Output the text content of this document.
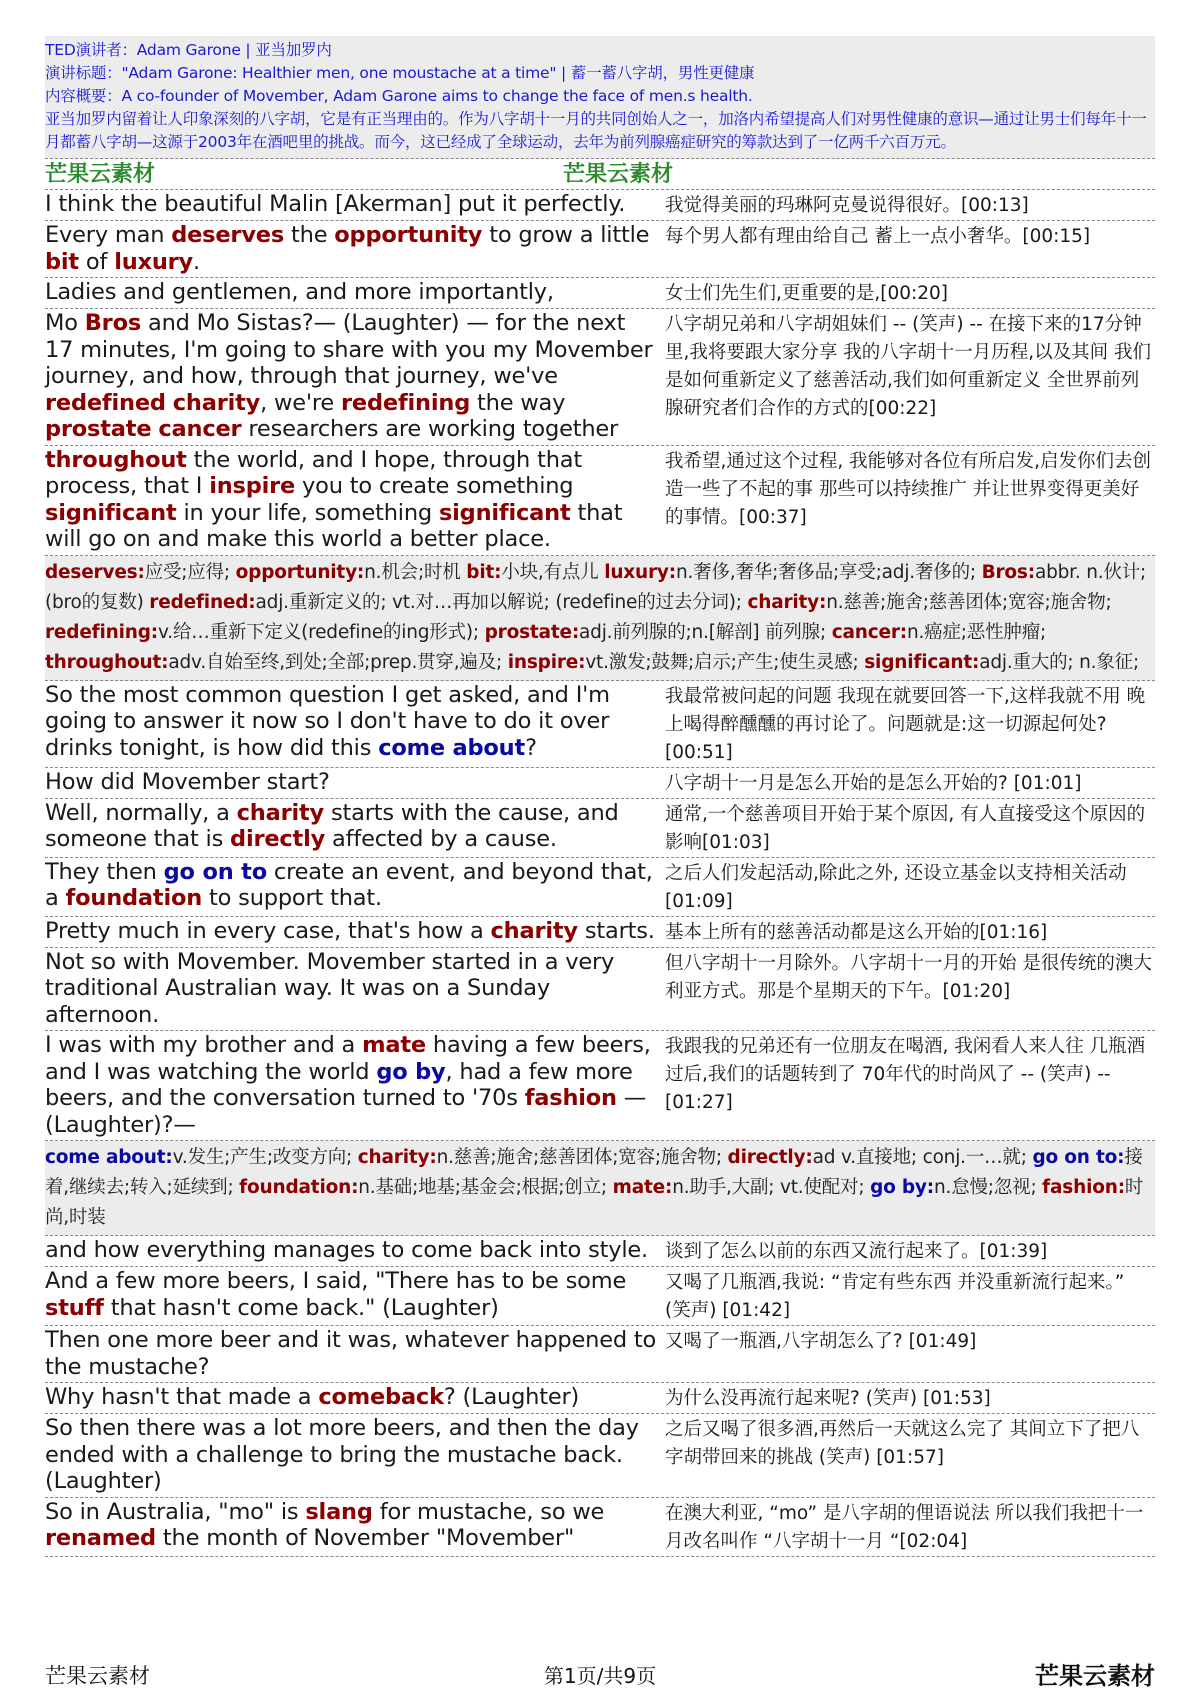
TED演讲者：Adam Garone | 亚当加罗内
演讲标题："Adam Garone: Healthier men, one moustache at a time" | 蓄一蓄八字胡，男性更健康
内容概要：A co-founder of Movember, Adam Garone aims to change the face of men.s health.
亚当加罗内留着让人印象深刻的八字胡，它是有正当理由的。作为八字胡十一月的共同创始人之一，加洛内希望提高人们对男性健康的意识—通过让男士们每年十一月都蓄八字胡—这源于2003年在酒吧里的挑战。而今，这已经成了全球运动，去年为前列腺癌症研究的筹款达到了一亿两千六百万元。
芒果云素材	芒果云素材
I think the beautiful Malin [Akerman] put it perfectly.	我觉得美丽的玛琳阿克曼说得很好。[00:13]
Every man deserves the opportunity to grow a little bit of luxury.
每个男人都有理由给自己 蓄上一点小奢华。[00:15]
Ladies and gentlemen, and more importantly,	女士们先生们,更重要的是,[00:20]
Mo Bros and Mo Sistas?— (Laughter) — for the next 17 minutes, I'm going to share with you my Movember journey, and how, through that journey, we've redefined charity, we're redefining the way prostate cancer researchers are working together
八字胡兄弟和八字胡姐妹们 -- (笑声) -- 在接下来的17分钟里,我将要跟大家分享 我的八字胡十一月历程,以及其间 我们是如何重新定义了慈善活动,我们如何重新定义 全世界前列腺研究者们合作的方式的[00:22]
throughout the world, and I hope, through that process, that I inspire you to create something significant in your life, something significant that will go on and make this world a better place.
我希望,通过这个过程, 我能够对各位有所启发,启发你们去创造一些了不起的事 那些可以持续推广 并让世界变得更美好的事情。[00:37]
deserves:应受;应得; opportunity:n.机会;时机 bit:小块,有点儿 luxury:n.奢侈,奢华;奢侈品;享受;adj.奢侈的; Bros:abbr. n.伙计; (bro的复数) redefined:adj.重新定义的; vt.对…再加以解说; (redefine的过去分词); charity:n.慈善;施舍;慈善团体;宽容;施舍物; redefining:v.给…重新下定义(redefine的ing形式); prostate:adj.前列腺的;n.[解剖] 前列腺; cancer:n.癌症;恶性肿瘤; throughout:adv.自始至终,到处;全部;prep.贯穿,遍及; inspire:vt.激发;鼓舞;启示;产生;使生灵感; significant:adj.重大的; n.象征;
So the most common question I get asked, and I'm going to answer it now so I don't have to do it over drinks tonight, is how did this come about?
我最常被问起的问题 我现在就要回答一下,这样我就不用 晚上喝得醉醺醺的再讨论了。问题就是:这一切源起何处? [00:51]
How did Movember start?	八字胡十一月是怎么开始的是怎么开始的? [01:01]
Well, normally, a charity starts with the cause, and someone that is directly affected by a cause.
通常,一个慈善项目开始于某个原因, 有人直接受这个原因的影响[01:03]
They then go on to create an event, and beyond that, a foundation to support that.
之后人们发起活动,除此之外, 还设立基金以支持相关活动[01:09]
Pretty much in every case, that's how a charity starts. 基本上所有的慈善活动都是这么开始的[01:16]
Not so with Movember. Movember started in a very traditional Australian way. It was on a Sunday afternoon.
但八字胡十一月除外。八字胡十一月的开始 是很传统的澳大利亚方式。那是个星期天的下午。[01:20]
I was with my brother and a mate having a few beers, and I was watching the world go by, had a few more beers, and the conversation turned to '70s fashion — (Laughter)?—
我跟我的兄弟还有一位朋友在喝酒, 我闲看人来人往 几瓶酒过后,我们的话题转到了 70年代的时尚风了 -- (笑声) --[01:27]
come about:v.发生;产生;改变方向; charity:n.慈善;施舍;慈善团体;宽容;施舍物; directly:ad v.直接地; conj.一…就; go on to:接着,继续去;转入;延续到; foundation:n.基础;地基;基金会;根据;创立; mate:n.助手,大副; vt.使配对; go by:n.怠慢;忽视; fashion:时尚,时装
and how everything manages to come back into style. 谈到了怎么以前的东西又流行起来了。[01:39]
And a few more beers, I said, "There has to be some stuff that hasn't come back." (Laughter)
又喝了几瓶酒,我说: “肯定有些东西 并没重新流行起来。” (笑声) [01:42]
Then one more beer and it was, whatever happened to the mustache?
又喝了一瓶酒,八字胡怎么了? [01:49]
Why hasn't that made a comeback? (Laughter)	为什么没再流行起来呢? (笑声) [01:53]
So then there was a lot more beers, and then the day ended with a challenge to bring the mustache back. (Laughter)
之后又喝了很多酒,再然后一天就这么完了 其间立下了把八字胡带回来的挑战 (笑声) [01:57]
So in Australia, "mo" is slang for mustache, so we renamed the month of November "Movember"
在澳大利亚, “mo” 是八字胡的俚语说法 所以我们我把十一月改名叫作 “八字胡十一月 “[02:04]
芒果云素材	第1页/共9页	芒果云素材
